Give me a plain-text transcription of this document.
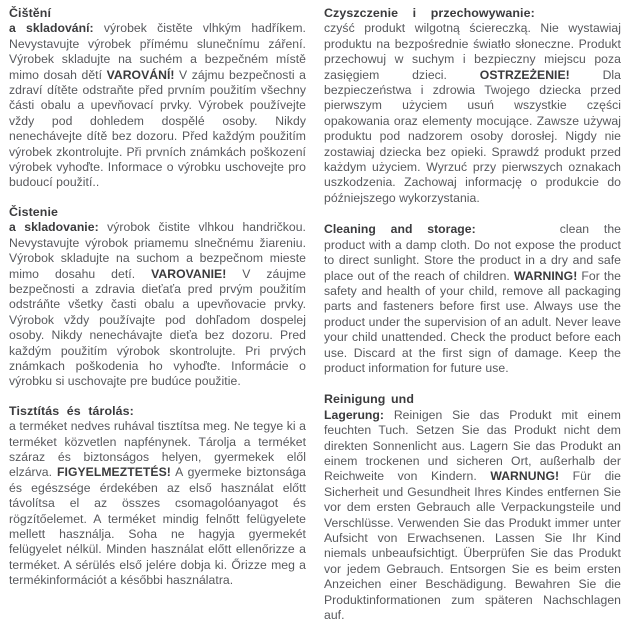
Čištění

a skladování: výrobek čistěte vlhkým hadříkem. Nevystavujte výrobek přímému slunečnímu záření. Výrobek skladujte na suchém a bezpečném místě mimo dosah dětí VAROVÁNÍ! V zájmu bezpečnosti a zdraví dítěte odstraňte před prvním použitím všechny části obalu a upevňovací prvky. Výrobek používejte vždy pod dohledem dospělé osoby. Nikdy nenechávejte dítě bez dozoru. Před každým použitím výrobek zkontrolujte. Při prvních známkách poškození výrobek vyhoďte. Informace o výrobku uschovejte pro budoucí použití..

Čistenie

a skladovanie: výrobok čistite vlhkou handričkou. Nevystavujte výrobok priamemu slnečnému žiareniu. Výrobok skladujte na suchom a bezpečnom mieste mimo dosahu detí. VAROVANIE! V záujme bezpečnosti a zdravia dieťaťa pred prvým použitím odstráňte všetky časti obalu a upevňovacie prvky. Výrobok vždy používajte pod dohľadom dospelej osoby. Nikdy nenechávajte dieťa bez dozoru. Pred každým použitím výrobok skontrolujte. Pri prvých známkach poškodenia ho vyhoďte. Informácie o výrobku si uschovajte pre budúce použitie.

Tisztítás és tárolás:

a terméket nedves ruhával tisztítsa meg. Ne tegye ki a terméket közvetlen napfénynek. Tárolja a terméket száraz és biztonságos helyen, gyermekek elől elzárva. FIGYELMEZTETÉS! A gyermeke biztonsága és egészsége érdekében az első használat előtt távolítsa el az összes csomagolóanyagot és rögzítőelemet. A terméket mindig felnőtt felügyelete mellett használja. Soha ne hagyja gyermekét felügyelet nélkül. Minden használat előtt ellenőrizze a terméket. A sérülés első jelére dobja ki. Őrizze meg a termékinformációt a későbbi használatra.

Czyszczenie i przechowywanie:

czyść produkt wilgotną ściereczką. Nie wystawiaj produktu na bezpośrednie światło słoneczne. Produkt przechowuj w suchym i bezpieczny miejscu poza zasięgiem dzieci. OSTRZEŻENIE! Dla bezpieczeństwa i zdrowia Twojego dziecka przed pierwszym użyciem usuń wszystkie części opakowania oraz elementy mocujące. Zawsze używaj produktu pod nadzorem osoby dorosłej. Nigdy nie zostawiaj dziecka bez opieki. Sprawdź produkt przed każdym użyciem. Wyrzuć przy pierwszych oznakach uszkodzenia. Zachowaj informację o produkcie do późniejszego wykorzystania.

Cleaning and storage:	clean the product with a damp cloth. Do not expose the product to direct sunlight. Store the product in a dry and safe place out of the reach of children. WARNING! For the safety and health of your child, remove all packaging parts and fasteners before first use. Always use the product under the supervision of an adult. Never leave your child unattended. Check the product before each use. Discard at the first sign of damage. Keep the product information for future use.

Reinigung und

Lagerung: Reinigen Sie das Produkt mit einem feuchten Tuch. Setzen Sie das Produkt nicht dem direkten Sonnenlicht aus. Lagern Sie das Produkt an einem trockenen und sicheren Ort, außerhalb der Reichweite von Kindern. WARNUNG! Für die Sicherheit und Gesundheit Ihres Kindes entfernen Sie vor dem ersten Gebrauch alle Verpackungsteile und Verschlüsse. Verwenden Sie das Produkt immer unter Aufsicht von Erwachsenen. Lassen Sie Ihr Kind niemals unbeaufsichtigt. Überprüfen Sie das Produkt vor jedem Gebrauch. Entsorgen Sie es beim ersten Anzeichen einer Beschädigung. Bewahren Sie die Produktinformationen zum späteren Nachschlagen auf.
